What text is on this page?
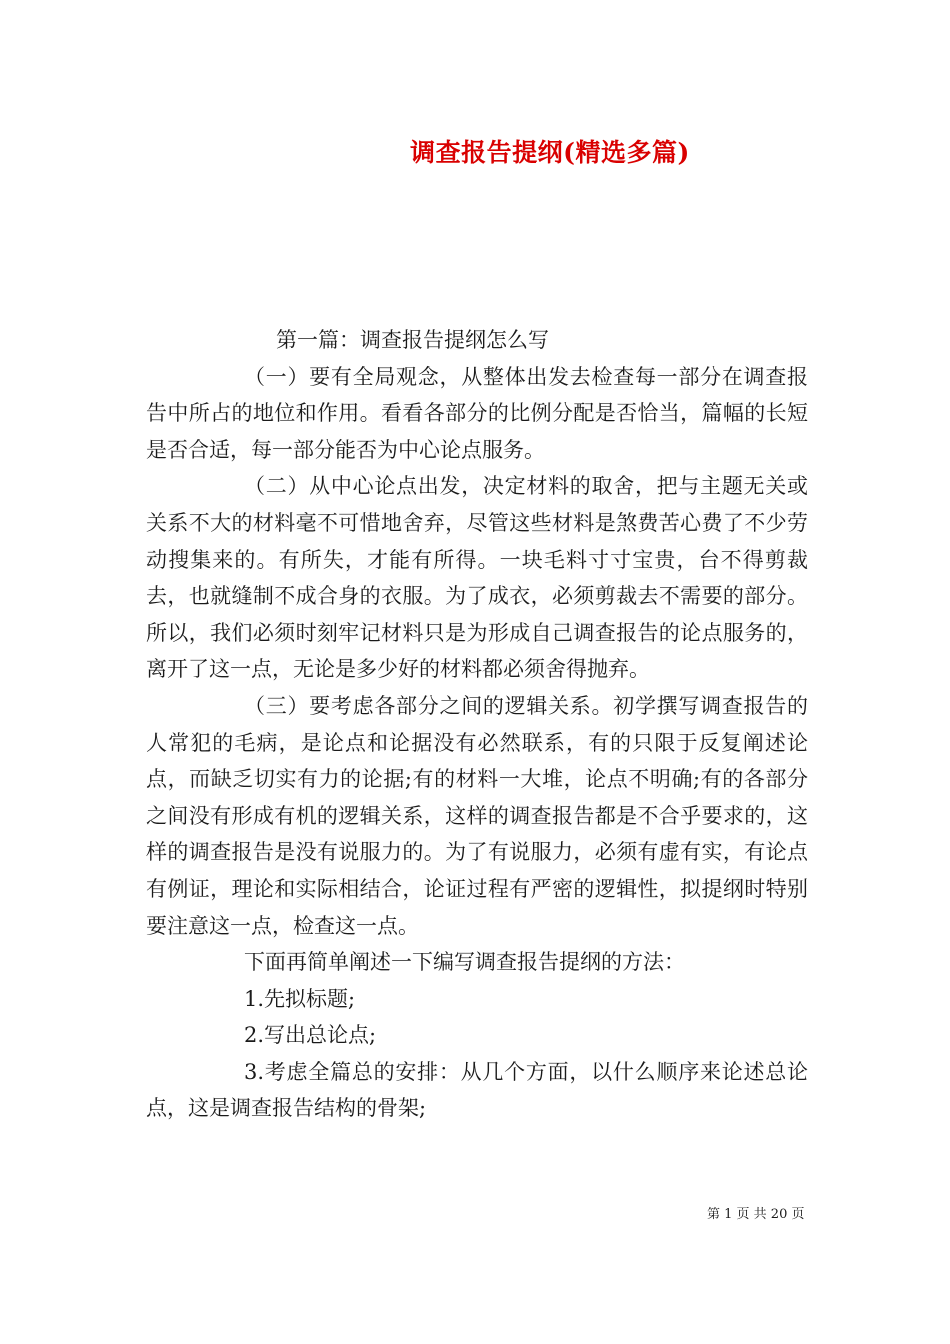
调查报告提纲(精选多篇)

第一篇：调查报告提纲怎么写

（一）要有全局观念，从整体出发去检查每一部分在调查报告中所占的地位和作用。看看各部分的比例分配是否恰当，篇幅的长短是否合适，每一部分能否为中心论点服务。

（二）从中心论点出发，决定材料的取舍，把与主题无关或关系不大的材料毫不可惜地舍弃，尽管这些材料是煞费苦心费了不少劳动搜集来的。有所失，才能有所得。一块毛料寸寸宝贵，台不得剪裁去，也就缝制不成合身的衣服。为了成衣，必须剪裁去不需要的部分。所以，我们必须时刻牢记材料只是为形成自己调查报告的论点服务的，离开了这一点，无论是多少好的材料都必须舍得抛弃。

（三）要考虑各部分之间的逻辑关系。初学撰写调查报告的人常犯的毛病，是论点和论据没有必然联系，有的只限于反复阐述论点，而缺乏切实有力的论据;有的材料一大堆，论点不明确;有的各部分之间没有形成有机的逻辑关系，这样的调查报告都是不合乎要求的，这样的调查报告是没有说服力的。为了有说服力，必须有虚有实，有论点有例证，理论和实际相结合，论证过程有严密的逻辑性，拟提纲时特别要注意这一点，检查这一点。

下面再简单阐述一下编写调查报告提纲的方法：

1.先拟标题;

2.写出总论点;

3.考虑全篇总的安排：从几个方面，以什么顺序来论述总论点，这是调查报告结构的骨架;

第 1 页 共 20 页
